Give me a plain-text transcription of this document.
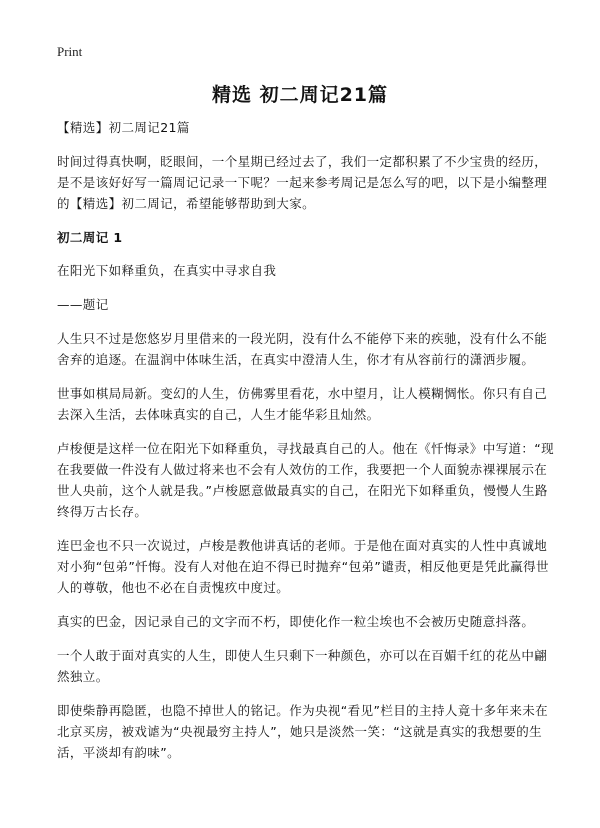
Print
精选 初二周记21篇

【精选】初二周记21篇

时间过得真快啊，眨眼间，一个星期已经过去了，我们一定都积累了不少宝贵的经历，是不是该好好写一篇周记记录一下呢？一起来参考周记是怎么写的吧，以下是小编整理的【精选】初二周记，希望能够帮助到大家。

初二周记 1

在阳光下如释重负，在真实中寻求自我

——题记

人生只不过是您悠岁月里借来的一段光阴，没有什么不能停下来的疾驰，没有什么不能舍弃的追逐。在温润中体味生活，在真实中澄清人生，你才有从容前行的潇洒步履。

世事如棋局局新。变幻的人生，仿佛雾里看花，水中望月，让人模糊惆怅。你只有自己去深入生活，去体味真实的自己，人生才能华彩且灿然。

卢梭便是这样一位在阳光下如释重负，寻找最真自己的人。他在《忏悔录》中写道：“现在我要做一件没有人做过将来也不会有人效仿的工作，我要把一个人面貌赤裸裸展示在世人央前，这个人就是我。”卢梭愿意做最真实的自己，在阳光下如释重负，慢慢人生路终得万古长存。

连巴金也不只一次说过，卢梭是教他讲真话的老师。于是他在面对真实的人性中真诚地对小狗“包弟”忏悔。没有人对他在迫不得已时抛弃“包弟”谴责，相反他更是凭此赢得世人的尊敬，他也不必在自责愧疚中度过。

真实的巴金，因记录自己的文字而不朽，即使化作一粒尘埃也不会被历史随意抖落。

一个人敢于面对真实的人生，即使人生只剩下一种颜色，亦可以在百媚千红的花丛中翩然独立。

即使柴静再隐匿，也隐不掉世人的铭记。作为央视“看见”栏目的主持人竟十多年来未在北京买房，被戏谑为“央视最穷主持人”，她只是淡然一笑：“这就是真实的我想要的生活，平淡却有韵味”。
